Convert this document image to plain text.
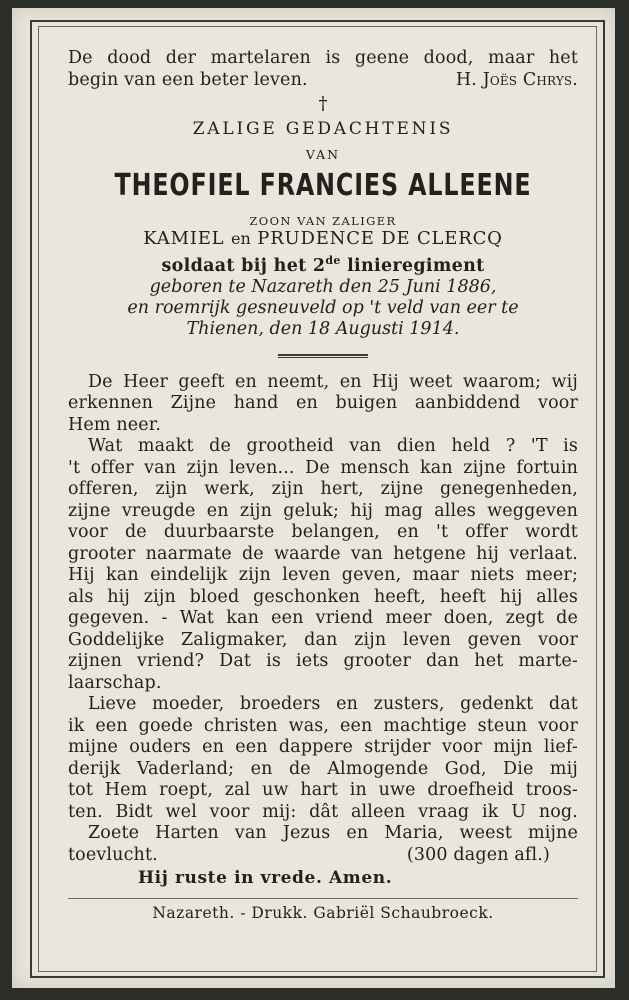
De dood der martelaren is geene dood, maar het
begin van een beter leven.	H. Joës Chrys.
†
ZALIGE GEDACHTENIS
VAN
THEOFIEL FRANCIES ALLEENE
ZOON VAN ZALIGER
KAMIEL en PRUDENCE DE CLERCQ
soldaat bij het 2de linieregiment
geboren te Nazareth den 25 Juni 1886,
en roemrijk gesneuveld op 't veld van eer te
Thienen, den 18 Augusti 1914.
De Heer geeft en neemt, en Hij weet waarom; wij
erkennen Zijne hand en buigen aanbiddend voor
Hem neer.
Wat maakt de grootheid van dien held ? 'T is
't offer van zijn leven... De mensch kan zijne fortuin
offeren, zijn werk, zijn hert, zijne genegenheden,
zijne vreugde en zijn geluk; hij mag alles weggeven
voor de duurbaarste belangen, en 't offer wordt
grooter naarmate de waarde van hetgene hij verlaat.
Hij kan eindelijk zijn leven geven, maar niets meer;
als hij zijn bloed geschonken heeft, heeft hij alles
gegeven. - Wat kan een vriend meer doen, zegt de
Goddelijke Zaligmaker, dan zijn leven geven voor
zijnen vriend? Dat is iets grooter dan het marte-
laarschap.
Lieve moeder, broeders en zusters, gedenkt dat
ik een goede christen was, een machtige steun voor
mijne ouders en een dappere strijder voor mijn lief-
derijk Vaderland; en de Almogende God, Die mij
tot Hem roept, zal uw hart in uwe droefheid troos-
ten. Bidt wel voor mij: dât alleen vraag ik U nog.
Zoete Harten van Jezus en Maria, weest mijne
toevlucht.	(300 dagen afl.)
Hij ruste in vrede. Amen.
Nazareth. - Drukk. Gabriël Schaubroeck.
